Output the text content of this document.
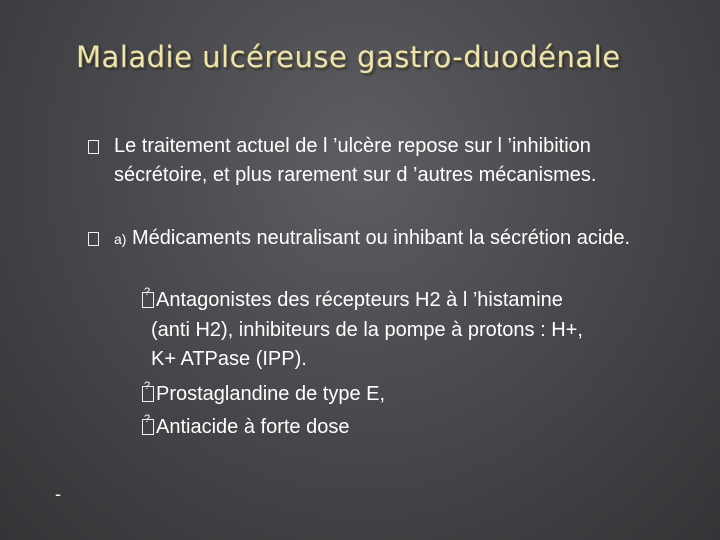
Maladie ulcéreuse gastro-duodénale
Le traitement actuel de l ’ulcère repose sur l ’inhibition sécrétoire, et plus rarement sur d ’autres mécanismes.
a) Médicaments neutralisant ou inhibant la sécrétion acide.
?Antagonistes des récepteurs H2 à l ’histamine
(anti H2), inhibiteurs de la pompe à protons : H+,
K+ ATPase (IPP).
?Prostaglandine de type E,
?Antiacide à forte dose
-
